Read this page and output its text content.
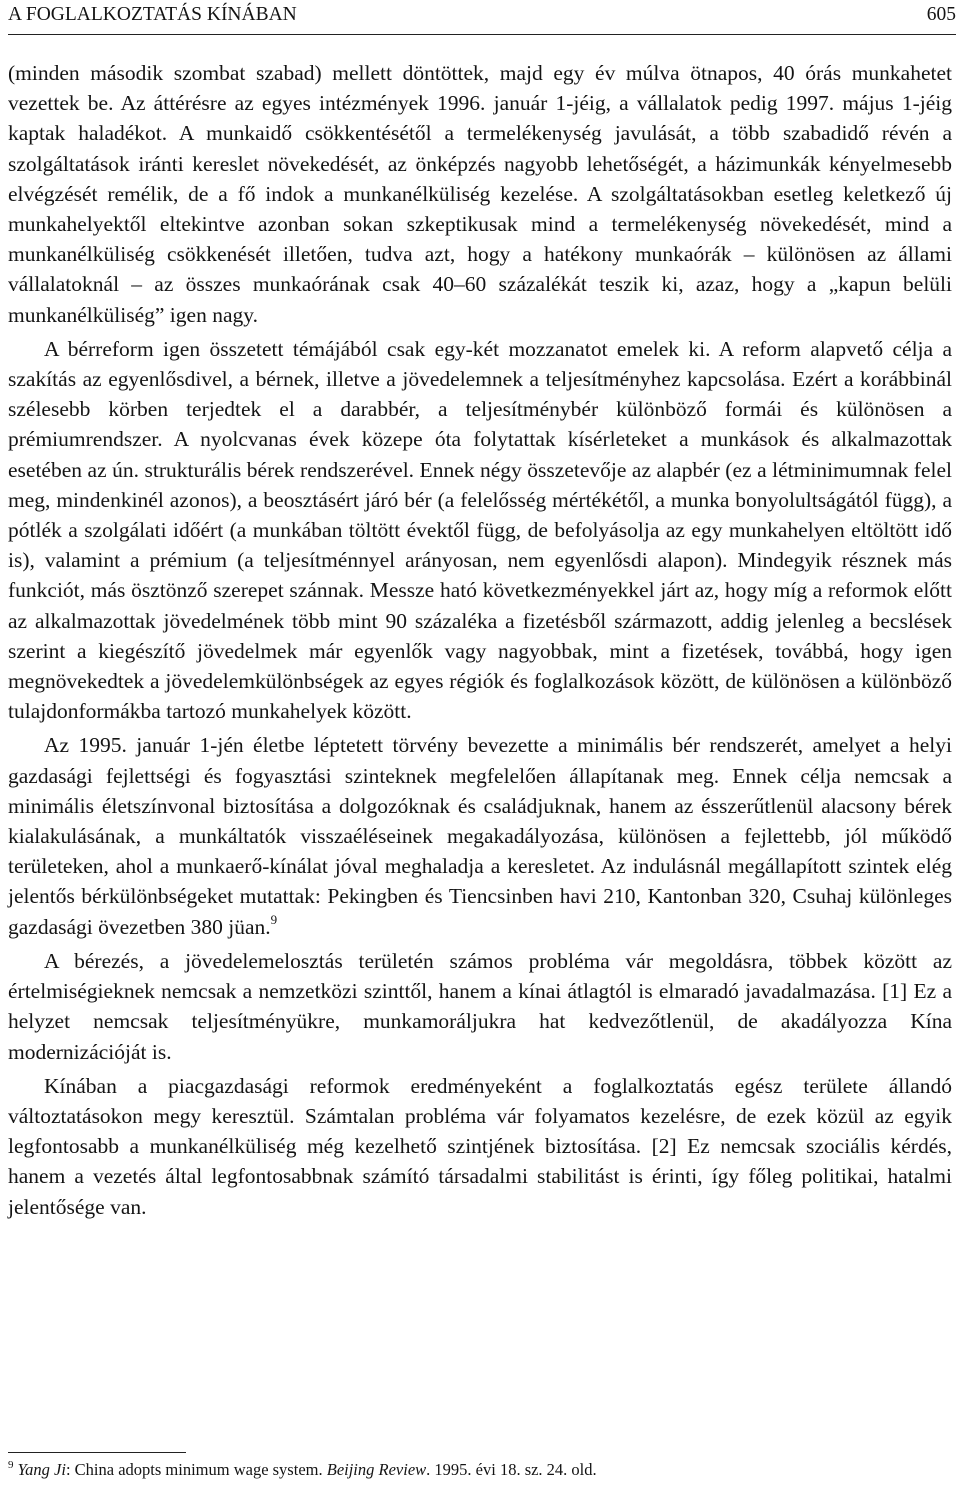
A FOGLALKOZTATÁS KÍNÁBAN	605

(minden második szombat szabad) mellett döntöttek, majd egy év múlva ötnapos, 40 órás munkahetet vezettek be. Az áttérésre az egyes intézmények 1996. január 1-jéig, a vállalatok pedig 1997. május 1-jéig kaptak haladékot. A munkaidő csökkentésétől a termelékenység javulását, a több szabadidő révén a szolgáltatások iránti kereslet növekedését, az önképzés nagyobb lehetőségét, a házimunkák kényelmesebb elvégzését remélik, de a fő indok a munkanélküliség kezelése. A szolgáltatásokban esetleg keletkező új munkahelyektől eltekintve azonban sokan szkeptikusak mind a termelékenység növekedését, mind a munkanélküliség csökkenését illetően, tudva azt, hogy a hatékony munkaórák – különösen az állami vállalatoknál – az összes munkaórának csak 40–60 százalékát teszik ki, azaz, hogy a „kapun belüli munkanélküliség” igen nagy.

A bérreform igen összetett témájából csak egy-két mozzanatot emelek ki. A reform alapvető célja a szakítás az egyenlősdivel, a bérnek, illetve a jövedelemnek a teljesítményhez kapcsolása. Ezért a korábbinál szélesebb körben terjedtek el a darabbér, a teljesítménybér különböző formái és különösen a prémiumrendszer. A nyolcvanas évek közepe óta folytattak kísérleteket a munkások és alkalmazottak esetében az ún. strukturális bérek rendszerével. Ennek négy összetevője az alapbér (ez a létminimumnak felel meg, mindenkinél azonos), a beosztásért járó bér (a felelősség mértékétől, a munka bonyolultságától függ), a pótlék a szolgálati időért (a munkában töltött évektől függ, de befolyásolja az egy munkahelyen eltöltött idő is), valamint a prémium (a teljesítménnyel arányosan, nem egyenlősdi alapon). Mindegyik résznek más funkciót, más ösztönző szerepet szánnak. Messze ható következményekkel járt az, hogy míg a reformok előtt az alkalmazottak jövedelmének több mint 90 százaléka a fizetésből származott, addig jelenleg a becslések szerint a kiegészítő jövedelmek már egyenlők vagy nagyobbak, mint a fizetések, továbbá, hogy igen megnövekedtek a jövedelemkülönbségek az egyes régiók és foglalkozások között, de különösen a különböző tulajdonformákba tartozó munkahelyek között.

Az 1995. január 1-jén életbe léptetett törvény bevezette a minimális bér rendszerét, amelyet a helyi gazdasági fejlettségi és fogyasztási szinteknek megfelelően állapítanak meg. Ennek célja nemcsak a minimális életszínvonal biztosítása a dolgozóknak és családjuknak, hanem az ésszerűtlenül alacsony bérek kialakulásának, a munkáltatók visszaéléseinek megakadályozása, különösen a fejlettebb, jól működő területeken, ahol a munkaerő-kínálat jóval meghaladja a keresletet. Az indulásnál megállapított szintek elég jelentős bérkülönbségeket mutattak: Pekingben és Tiencsinben havi 210, Kantonban 320, Csuhaj különleges gazdasági övezetben 380 jüan.$^9$

A bérezés, a jövedelemelosztás területén számos probléma vár megoldásra, többek között az értelmiségieknek nemcsak a nemzetközi szinttől, hanem a kínai átlagtól is elmaradó javadalmazása. [1] Ez a helyzet nemcsak teljesítményükre, munkamoráljukra hat kedvezőtlenül, de akadályozza Kína modernizációját is.

Kínában a piacgazdasági reformok eredményeként a foglalkoztatás egész területe állandó változtatásokon megy keresztül. Számtalan probléma vár folyamatos kezelésre, de ezek közül az egyik legfontosabb a munkanélküliség még kezelhető szintjének biztosítása. [2] Ez nemcsak szociális kérdés, hanem a vezetés által legfontosabbnak számító társadalmi stabilitást is érinti, így főleg politikai, hatalmi jelentősége van.

$^9$ Yang Ji: China adopts minimum wage system. Beijing Review. 1995. évi 18. sz. 24. old.
